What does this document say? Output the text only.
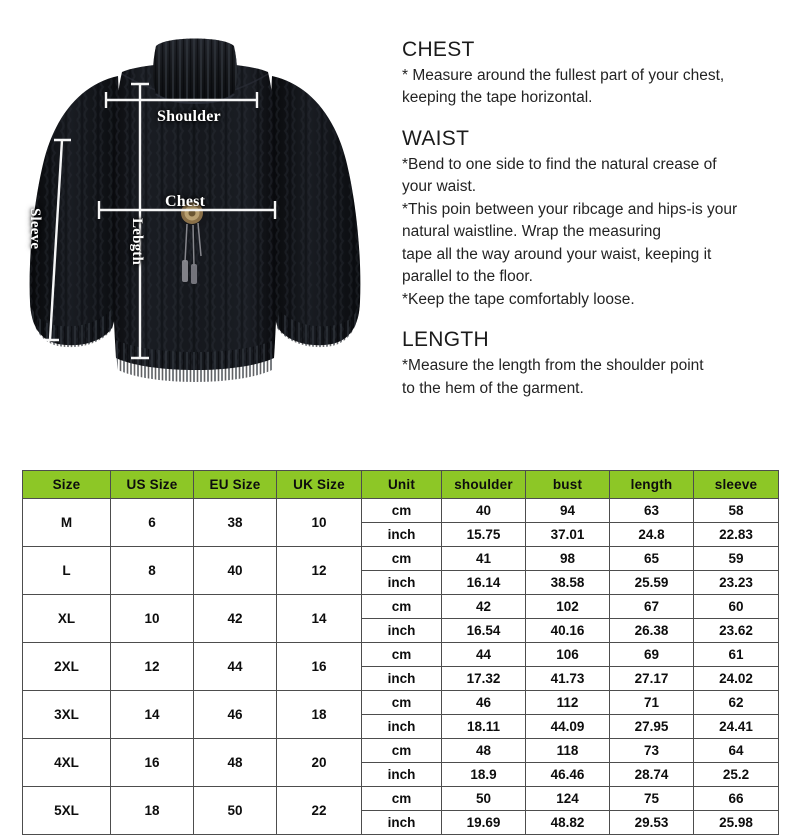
Shoulder
Chest
Sleeve	Lebgth
CHEST
* Measure around the fullest part of your chest,
keeping the tape horizontal.
WAIST
*Bend to one side to find the natural crease of
your waist.
*This poin between your ribcage and hips-is your
natural waistline. Wrap the measuring
tape all the way around your waist, keeping it
parallel to the floor.
*Keep the tape comfortably loose.
LENGTH
*Measure the length from the shoulder point
to the hem of the garment.
Size	US Size	EU Size	UK Size	Unit	shoulder	bust	length	sleeve
M	6	38	10	cm	40	94	63	58
				inch	15.75	37.01	24.8	22.83
L	8	40	12	cm	41	98	65	59
				inch	16.14	38.58	25.59	23.23
XL	10	42	14	cm	42	102	67	60
				inch	16.54	40.16	26.38	23.62
2XL	12	44	16	cm	44	106	69	61
				inch	17.32	41.73	27.17	24.02
3XL	14	46	18	cm	46	112	71	62
				inch	18.11	44.09	27.95	24.41
4XL	16	48	20	cm	48	118	73	64
				inch	18.9	46.46	28.74	25.2
5XL	18	50	22	cm	50	124	75	66
				inch	19.69	48.82	29.53	25.98
